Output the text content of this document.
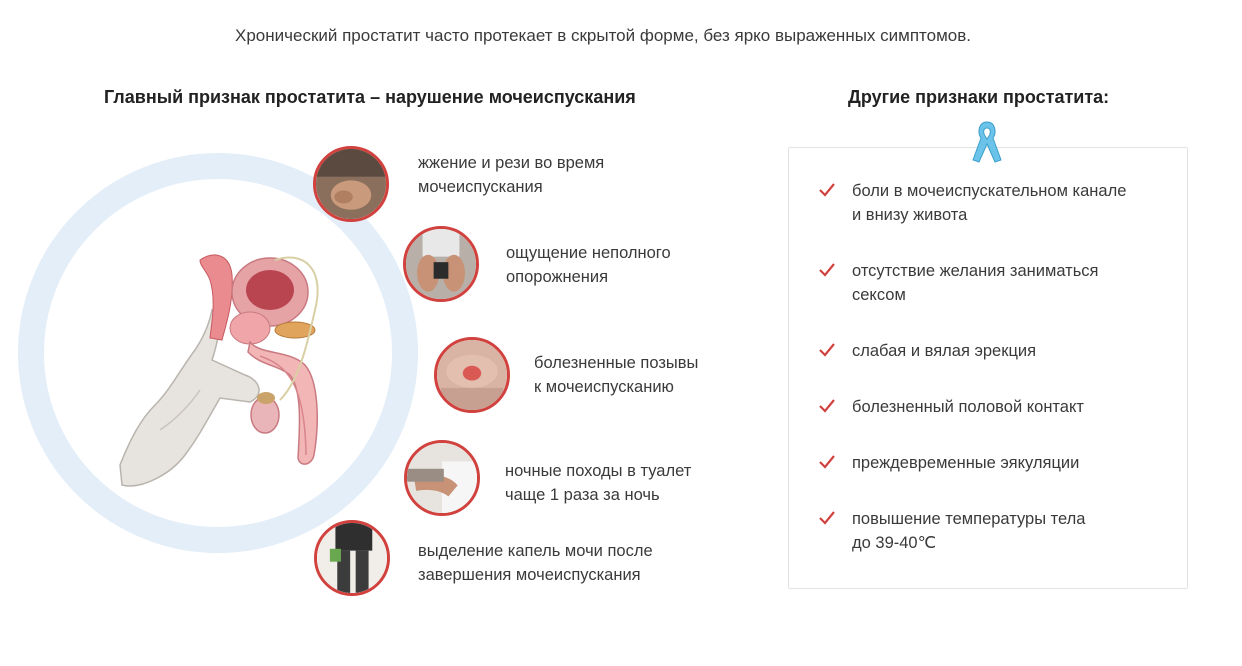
Хронический простатит часто протекает в скрытой форме, без ярко выраженных симптомов.
Главный признак простатита – нарушение мочеиспускания	Другие признаки простатита:
жжение и рези во время
мочеиспускания
ощущение неполного
опорожнения
болезненные позывы
к мочеиспусканию
ночные походы в туалет
чаще 1 раза за ночь
выделение капель мочи после
завершения мочеиспускания
боли в мочеиспускательном канале
и внизу живота
отсутствие желания заниматься
сексом
слабая и вялая эрекция
болезненный половой контакт
преждевременные эякуляции
повышение температуры тела
до 39-40℃
